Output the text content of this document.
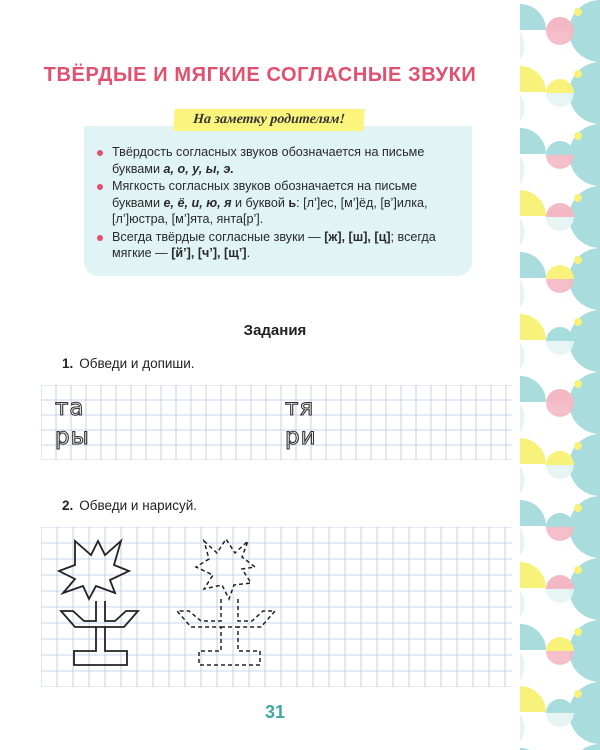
ТВЁРДЫЕ И МЯГКИЕ СОГЛАСНЫЕ ЗВУКИ
Твёрдость согласных звуков обозначается на письме буквами а, о, у, ы, э.
Мягкость согласных звуков обозначается на письме буквами е, ё, и, ю, я и буквой ь: [л’]ес, [м’]ёд, [в’]илка, [л’]юстра, [м’]ята, янта[р’].
Всегда твёрдые согласные звуки — [ж], [ш], [ц]; всегда мягкие — [й’], [ч’], [щ’].
На заметку родителям!
Задания
1. Обведи и допиши.
та	тя
ры	ри
2. Обведи и нарисуй.
31
